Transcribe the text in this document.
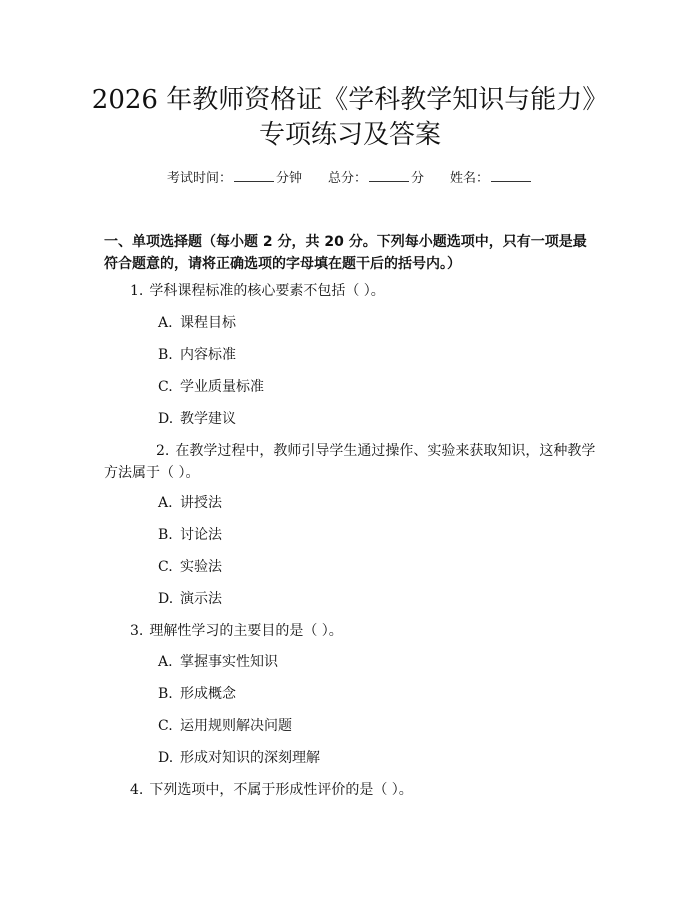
2026 年教师资格证《学科教学知识与能力》
专项练习及答案
考试时间：	分钟 总分：	分 姓名：
一、单项选择题（每小题 2 分，共 20 分。下列每小题选项中，只有一项是最符合题意的，请将正确选项的字母填在题干后的括号内。）
1. 学科课程标准的核心要素不包括（ ）。
A. 课程目标
B. 内容标准
C. 学业质量标准
D. 教学建议
2. 在教学过程中，教师引导学生通过操作、实验来获取知识，这种教学方法属于（ ）。
A. 讲授法
B. 讨论法
C. 实验法
D. 演示法
3. 理解性学习的主要目的是（ ）。
A. 掌握事实性知识
B. 形成概念
C. 运用规则解决问题
D. 形成对知识的深刻理解
4. 下列选项中，不属于形成性评价的是（ ）。
